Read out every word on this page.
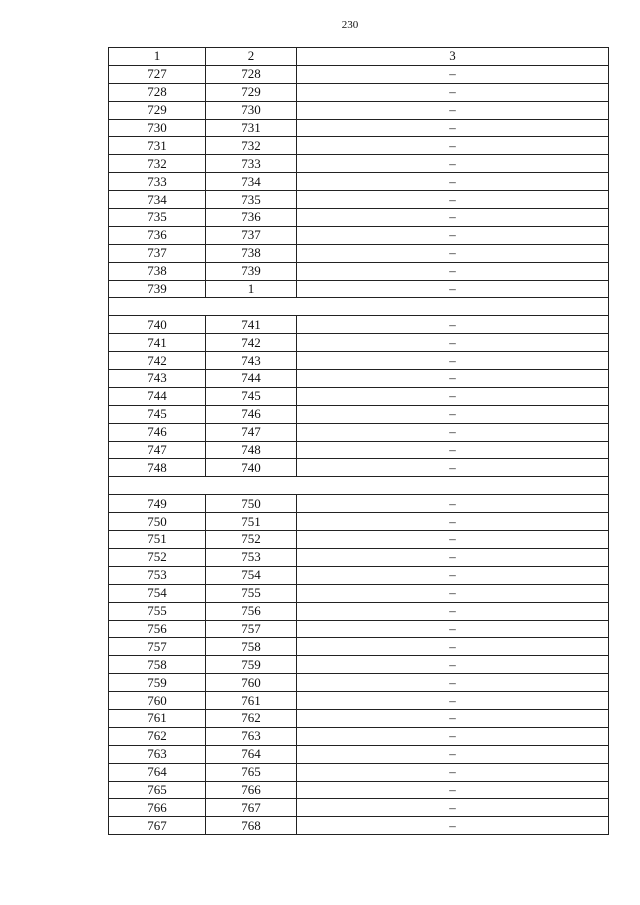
230
1	2	3
727	728	–
728	729	–
729	730	–
730	731	–
731	732	–
732	733	–
733	734	–
734	735	–
735	736	–
736	737	–
737	738	–
738	739	–
739	1	–

740	741	–
741	742	–
742	743	–
743	744	–
744	745	–
745	746	–
746	747	–
747	748	–
748	740	–

749	750	–
750	751	–
751	752	–
752	753	–
753	754	–
754	755	–
755	756	–
756	757	–
757	758	–
758	759	–
759	760	–
760	761	–
761	762	–
762	763	–
763	764	–
764	765	–
765	766	–
766	767	–
767	768	–
